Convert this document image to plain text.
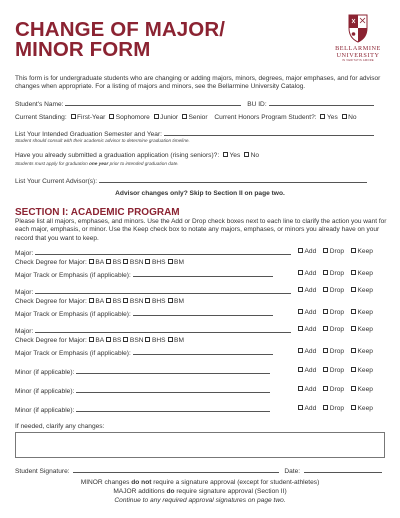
CHANGE OF MAJOR/
MINOR FORM	BELLARMINE
UNIVERSITY
IN VERITATIS AMORE

This form is for undergraduate students who are changing or adding majors, minors, degrees, major emphases, and for advisor changes when appropriate. For a listing of majors and minors, see the Bellarmine University Catalog.

Student's Name:	BU ID:
Current Standing: First-Year Sophomore Junior Senior Current Honors Program Student?: Yes No
List Your Intended Graduation Semester and Year:
Student should consult with their academic advisor to determine graduation timeline.
Have you already submitted a graduation application (rising seniors)?: Yes No
Students must apply for graduation one year prior to intended graduation date.
List Your Current Advisor(s):
Advisor changes only? Skip to Section II on page two.
SECTION I: ACADEMIC PROGRAM

Please list all majors, emphases, and minors. Use the Add or Drop check boxes next to each line to clarify the action you want for each major, emphasis, or minor. Use the Keep check box to notate any majors, emphases, or minors you already have on your record that you want to keep.

Major:	Add Drop Keep
Check Degree for Major: BA BS BSN BHS BM
Major Track or Emphasis (if applicable):	Add Drop Keep
Major:	Add Drop Keep
Check Degree for Major: BA BS BSN BHS BM
Major Track or Emphasis (if applicable):	Add Drop Keep
Major:	Add Drop Keep
Check Degree for Major: BA BS BSN BHS BM
Major Track or Emphasis (if applicable):	Add Drop Keep
Minor (if applicable):	Add Drop Keep
Minor (if applicable):	Add Drop Keep
Minor (if applicable):	Add Drop Keep
If needed, clarify any changes:
Student Signature:	Date:
MINOR changes do not require a signature approval (except for student-athletes)
MAJOR additions do require signature approval (Section II)
Continue to any required approval signatures on page two.
